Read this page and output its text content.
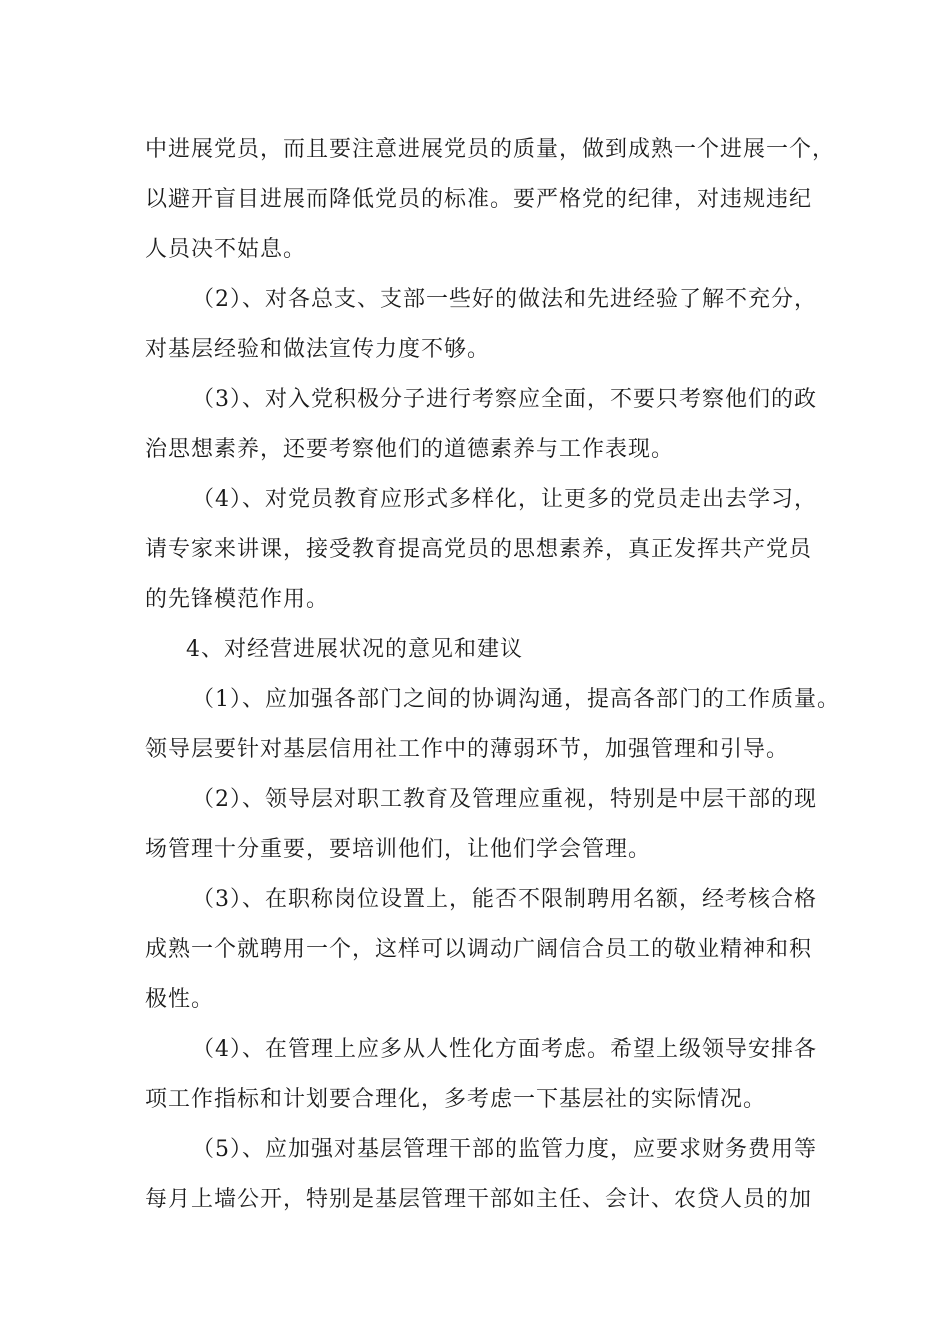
中进展党员，而且要注意进展党员的质量，做到成熟一个进展一个，
以避开盲目进展而降低党员的标准。要严格党的纪律，对违规违纪
人员决不姑息。
（2）、对各总支、支部一些好的做法和先进经验了解不充分，
对基层经验和做法宣传力度不够。
（3）、对入党积极分子进行考察应全面，不要只考察他们的政
治思想素养，还要考察他们的道德素养与工作表现。
（4）、对党员教育应形式多样化，让更多的党员走出去学习，
请专家来讲课，接受教育提高党员的思想素养，真正发挥共产党员
的先锋模范作用。
4、对经营进展状况的意见和建议
（1）、应加强各部门之间的协调沟通，提高各部门的工作质量。
领导层要针对基层信用社工作中的薄弱环节，加强管理和引导。
（2）、领导层对职工教育及管理应重视，特别是中层干部的现
场管理十分重要，要培训他们，让他们学会管理。
（3）、在职称岗位设置上，能否不限制聘用名额，经考核合格
成熟一个就聘用一个，这样可以调动广阔信合员工的敬业精神和积
极性。
（4）、在管理上应多从人性化方面考虑。希望上级领导安排各
项工作指标和计划要合理化，多考虑一下基层社的实际情况。
（5）、应加强对基层管理干部的监管力度，应要求财务费用等
每月上墙公开，特别是基层管理干部如主任、会计、农贷人员的加
